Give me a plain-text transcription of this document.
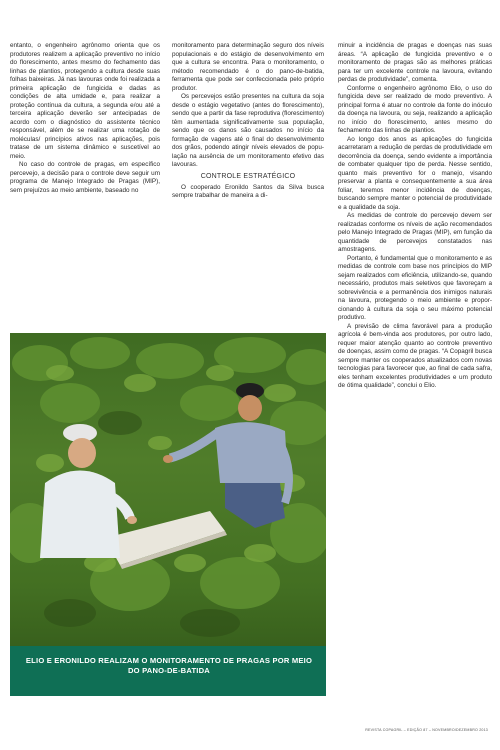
entanto, o engenheiro agrônomo orienta que os produtores realizem a aplicação preventivo no início do florescimento, antes mesmo do fechamento das linhas de plantios, protegendo a cultura desde suas folhas baixeiras. Já nas lavouras onde foi realizada a primeira aplicação de fungicida e dadas as condições de alta umidade e, para realizar a proteção contínua da cultura, a segunda e/ou até a terceira aplicação deverão ser antecipadas de acordo com o diagnóstico do assistente técnico responsável, além de se realizar uma rotação de moléculas/ princípios ativos nas aplicações, pois tratase de um sistema dinâmico e suscetível ao meio.

No caso do controle de pragas, em específico percevejo, a decisão para o controle deve seguir um programa de Manejo Integrado de Pragas (MIP), sem prejuízos ao meio ambiente, baseado no

monitoramento para determinação seguro dos níveis populacionais e do estágio de desenvolvimento em que a cultura se encontra. Para o monitoramento, o método recomendado é o do pano-de-batida, ferramenta que pode ser confeccionada pelo próprio produtor.

Os percevejos estão presentes na cultura da soja desde o estágio vegetativo (antes do florescimento), sendo que a partir da fase reprodutiva (florescimento) têm aumentada significativamente sua população, sendo que os danos são causados no início da formação de vagens até o final do desenvolvimento dos grãos, podendo atingir níveis elevados de população na ausência de um monitoramento efetivo das lavouras.

CONTROLE ESTRATÉGICO

O cooperado Eronildo Santos da Silva busca sempre trabalhar de maneira a di-

minuir a incidência de pragas e doenças nas suas áreas. “A aplicação de fungicida preventivo e o monitoramento de pragas são as melhores práticas para ter um excelente controle na lavoura, evitando perdas de produtividade”, comenta.

Conforme o engenheiro agrônomo Elio, o uso do fungicida deve ser realizado de modo preventivo. A principal forma é atuar no controle da fonte do inóculo da doença na lavoura, ou seja, realizando a aplicação no início do florescimento, antes mesmo do fechamento das linhas de plantios.

Ao longo dos anos as aplicações do fungicida acarretaram a redução de perdas de produtividade em decorrência da doença, sendo evidente a importância de combater qualquer tipo de perda. Nesse sentido, quanto mais preventivo for o manejo, visando preservar a planta e consequentemente a sua área foliar, teremos menor incidência de doenças, buscando sempre manter o potencial de produtividade e a qualidade da soja.

As medidas de controle do percevejo devem ser realizadas conforme os níveis de ação recomendados pelo Manejo Integrado de Pragas (MIP), em função da quantidade de percevejos constatados nas amostragens.

Portanto, é fundamental que o monitoramento e as medidas de controle com base nos princípios do MIP sejam realizados com eficiência, utilizando-se, quando necessário, produtos mais seletivos que favoreçam a sobrevivência e a permanência dos inimigos naturais na lavoura, protegendo o meio ambiente e proporcionando à cultura da soja o seu máximo potencial produtivo.

A previsão de clima favorável para a produção agrícola é bem-vinda aos produtores, por outro lado, requer maior atenção quanto ao controle preventivo de doenças, assim como de pragas. “A Copagril busca sempre manter os cooperados atualizados com novas tecnologias para favorecer que, ao final de cada safra, eles tenham excelentes produtividades e um produto de ótima qualidade”, conclui o Elio.

ELIO E ERONILDO REALIZAM O MONITORAMENTO DE PRAGAS POR MEIO DO PANO-DE-BATIDA
REVISTA COPAGRIL – EDIÇÃO 87 – NOVEMBRO/DEZEMBRO 2013
